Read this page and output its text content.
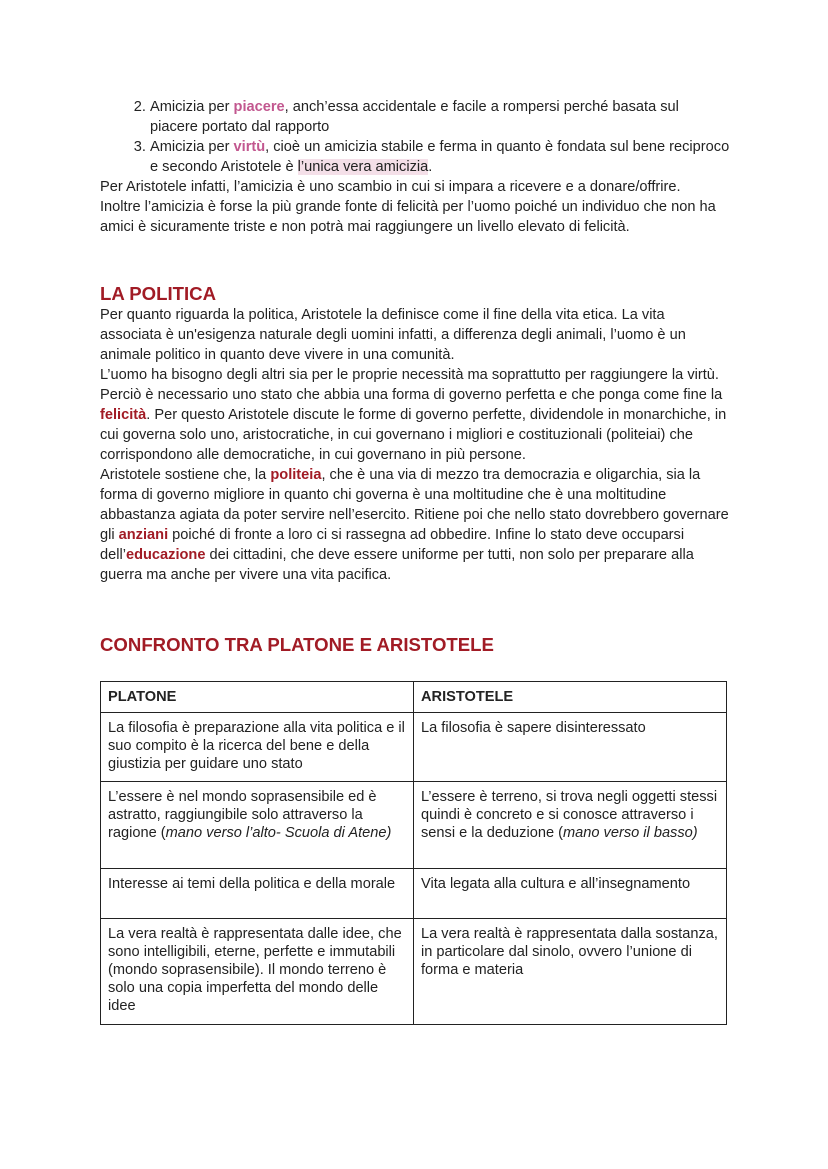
2. Amicizia per piacere, anch’essa accidentale e facile a rompersi perché basata sul piacere portato dal rapporto
3. Amicizia per virtù, cioè un amicizia stabile e ferma in quanto è fondata sul bene reciproco e secondo Aristotele è l’unica vera amicizia.

Per Aristotele infatti, l’amicizia è uno scambio in cui si impara a ricevere e a donare/offrire.

Inoltre l’amicizia è forse la più grande fonte di felicità per l’uomo poiché un individuo che non ha amici è sicuramente triste e non potrà mai raggiungere un livello elevato di felicità.

LA POLITICA

Per quanto riguarda la politica, Aristotele la definisce come il fine della vita etica. La vita associata è un'esigenza naturale degli uomini infatti, a differenza degli animali, l’uomo è un animale politico in quanto deve vivere in una comunità.

L’uomo ha bisogno degli altri sia per le proprie necessità ma soprattutto per raggiungere la virtù. Perciò è necessario uno stato che abbia una forma di governo perfetta e che ponga come fine la felicità. Per questo Aristotele discute le forme di governo perfette, dividendole in monarchiche, in cui governa solo uno, aristocratiche, in cui governano i migliori e costituzionali (politeiai) che corrispondono alle democratiche, in cui governano in più persone.

Aristotele sostiene che, la politeia, che è una via di mezzo tra democrazia e oligarchia, sia la forma di governo migliore in quanto chi governa è una moltitudine che è una moltitudine abbastanza agiata da poter servire nell’esercito. Ritiene poi che nello stato dovrebbero governare gli anziani poiché di fronte a loro ci si rassegna ad obbedire. Infine lo stato deve occuparsi dell’educazione dei cittadini, che deve essere uniforme per tutti, non solo per preparare alla guerra ma anche per vivere una vita pacifica.

CONFRONTO TRA PLATONE E ARISTOTELE
PLATONE	ARISTOTELE
La filosofia è preparazione alla vita politica e il suo compito è la ricerca del bene e della giustizia per guidare uno stato	La filosofia è sapere disinteressato
L’essere è nel mondo soprasensibile ed è astratto, raggiungibile solo attraverso la ragione (mano verso l’alto- Scuola di Atene)	L’essere è terreno, si trova negli oggetti stessi quindi è concreto e si conosce attraverso i sensi e la deduzione (mano verso il basso)
Interesse ai temi della politica e della morale	Vita legata alla cultura e all’insegnamento
La vera realtà è rappresentata dalle idee, che sono intelligibili, eterne, perfette e immutabili (mondo soprasensibile). Il mondo terreno è solo una copia imperfetta del mondo delle idee	La vera realtà è rappresentata dalla sostanza, in particolare dal sinolo, ovvero l’unione di forma e materia
